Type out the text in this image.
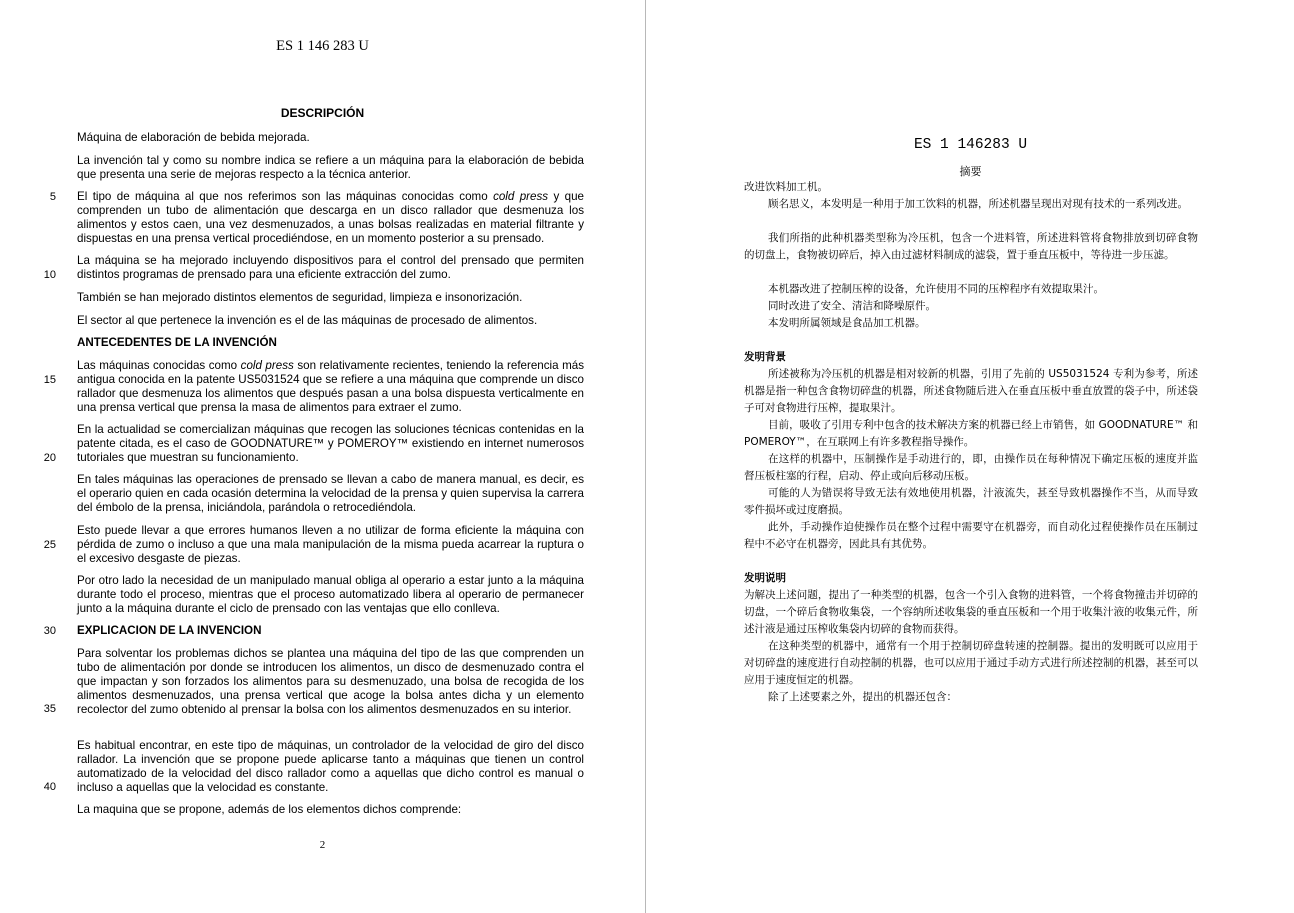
ES 1 146 283 U
DESCRIPCIÓN
Máquina de elaboración de bebida mejorada.
La invención tal y como su nombre indica se refiere a un máquina para la elaboración de bebida que presenta una serie de mejoras respecto a la técnica anterior.
El tipo de máquina al que nos referimos son las máquinas conocidas como cold press y que comprenden un tubo de alimentación que descarga en un disco rallador que desmenuza los alimentos y estos caen, una vez desmenuzados, a unas bolsas realizadas en material filtrante y dispuestas en una prensa vertical procediéndose, en un momento posterior a su prensado.
La máquina se ha mejorado incluyendo dispositivos para el control del prensado que permiten distintos programas de prensado para una eficiente extracción del zumo.
También se han mejorado distintos elementos de seguridad, limpieza e insonorización.
El sector al que pertenece la invención es el de las máquinas de procesado de alimentos.
ANTECEDENTES DE LA INVENCIÓN
Las máquinas conocidas como cold press son relativamente recientes, teniendo la referencia más antigua conocida en la patente US5031524 que se refiere a una máquina que comprende un disco rallador que desmenuza los alimentos que después pasan a una bolsa dispuesta verticalmente en una prensa vertical que prensa la masa de alimentos para extraer el zumo.
En la actualidad se comercializan máquinas que recogen las soluciones técnicas contenidas en la patente citada, es el caso de GOODNATURE™ y POMEROY™ existiendo en internet numerosos tutoriales que muestran su funcionamiento.
En tales máquinas las operaciones de prensado se llevan a cabo de manera manual, es decir, es el operario quien en cada ocasión determina la velocidad de la prensa y quien supervisa la carrera del émbolo de la prensa, iniciándola, parándola o retrocediéndola.
Esto puede llevar a que errores humanos lleven a no utilizar de forma eficiente la máquina con pérdida de zumo o incluso a que una mala manipulación de la misma pueda acarrear la ruptura o el excesivo desgaste de piezas.
Por otro lado la necesidad de un manipulado manual obliga al operario a estar junto a la máquina durante todo el proceso, mientras que el proceso automatizado libera al operario de permanecer junto a la máquina durante el ciclo de prensado con las ventajas que ello conlleva.
EXPLICACION DE LA INVENCION
Para solventar los problemas dichos se plantea una máquina del tipo de las que comprenden un tubo de alimentación por donde se introducen los alimentos, un disco de desmenuzado contra el que impactan y son forzados los alimentos para su desmenuzado, una bolsa de recogida de los alimentos desmenuzados, una prensa vertical que acoge la bolsa antes dicha y un elemento recolector del zumo obtenido al prensar la bolsa con los alimentos desmenuzados en su interior.
Es habitual encontrar, en este tipo de máquinas, un controlador de la velocidad de giro del disco rallador. La invención que se propone puede aplicarse tanto a máquinas que tienen un control automatizado de la velocidad del disco rallador como a aquellas que dicho control es manual o incluso a aquellas que la velocidad es constante.
La maquina que se propone, además de los elementos dichos comprende:
5
10
15
20
25
30
35
40
2
ES 1 146283 U
摘要
改进饮料加工机。
顾名思义，本发明是一种用于加工饮料的机器，所述机器呈现出对现有技术的一系列改进。
我们所指的此种机器类型称为冷压机，包含一个进料管，所述进料管将食物排放到切碎食物的切盘上，食物被切碎后，掉入由过滤材料制成的滤袋，置于垂直压板中，等待进一步压滤。
本机器改进了控制压榨的设备，允许使用不同的压榨程序有效提取果汁。
同时改进了安全、清洁和降噪原件。
本发明所属领域是食品加工机器。
发明背景
所述被称为冷压机的机器是相对较新的机器，引用了先前的 US5031524 专利为参考，所述机器是指一种包含食物切碎盘的机器，所述食物随后进入在垂直压板中垂直放置的袋子中，所述袋子可对食物进行压榨，提取果汁。
目前，吸收了引用专利中包含的技术解决方案的机器已经上市销售，如 GOODNATURE™ 和 POMEROY™，在互联网上有许多教程指导操作。
在这样的机器中，压制操作是手动进行的，即，由操作员在每种情况下确定压板的速度并监督压板柱塞的行程，启动、停止或向后移动压板。
可能的人为错误将导致无法有效地使用机器，汁液流失，甚至导致机器操作不当，从而导致零件损坏或过度磨损。
此外，手动操作迫使操作员在整个过程中需要守在机器旁，而自动化过程使操作员在压制过程中不必守在机器旁，因此具有其优势。
发明说明
为解决上述问题，提出了一种类型的机器，包含一个引入食物的进料管，一个将食物撞击并切碎的切盘，一个碎后食物收集袋，一个容纳所述收集袋的垂直压板和一个用于收集汁液的收集元件，所述汁液是通过压榨收集袋内切碎的食物而获得。
在这种类型的机器中，通常有一个用于控制切碎盘转速的控制器。提出的发明既可以应用于对切碎盘的速度进行自动控制的机器，也可以应用于通过手动方式进行所述控制的机器，甚至可以应用于速度恒定的机器。
除了上述要素之外，提出的机器还包含：
